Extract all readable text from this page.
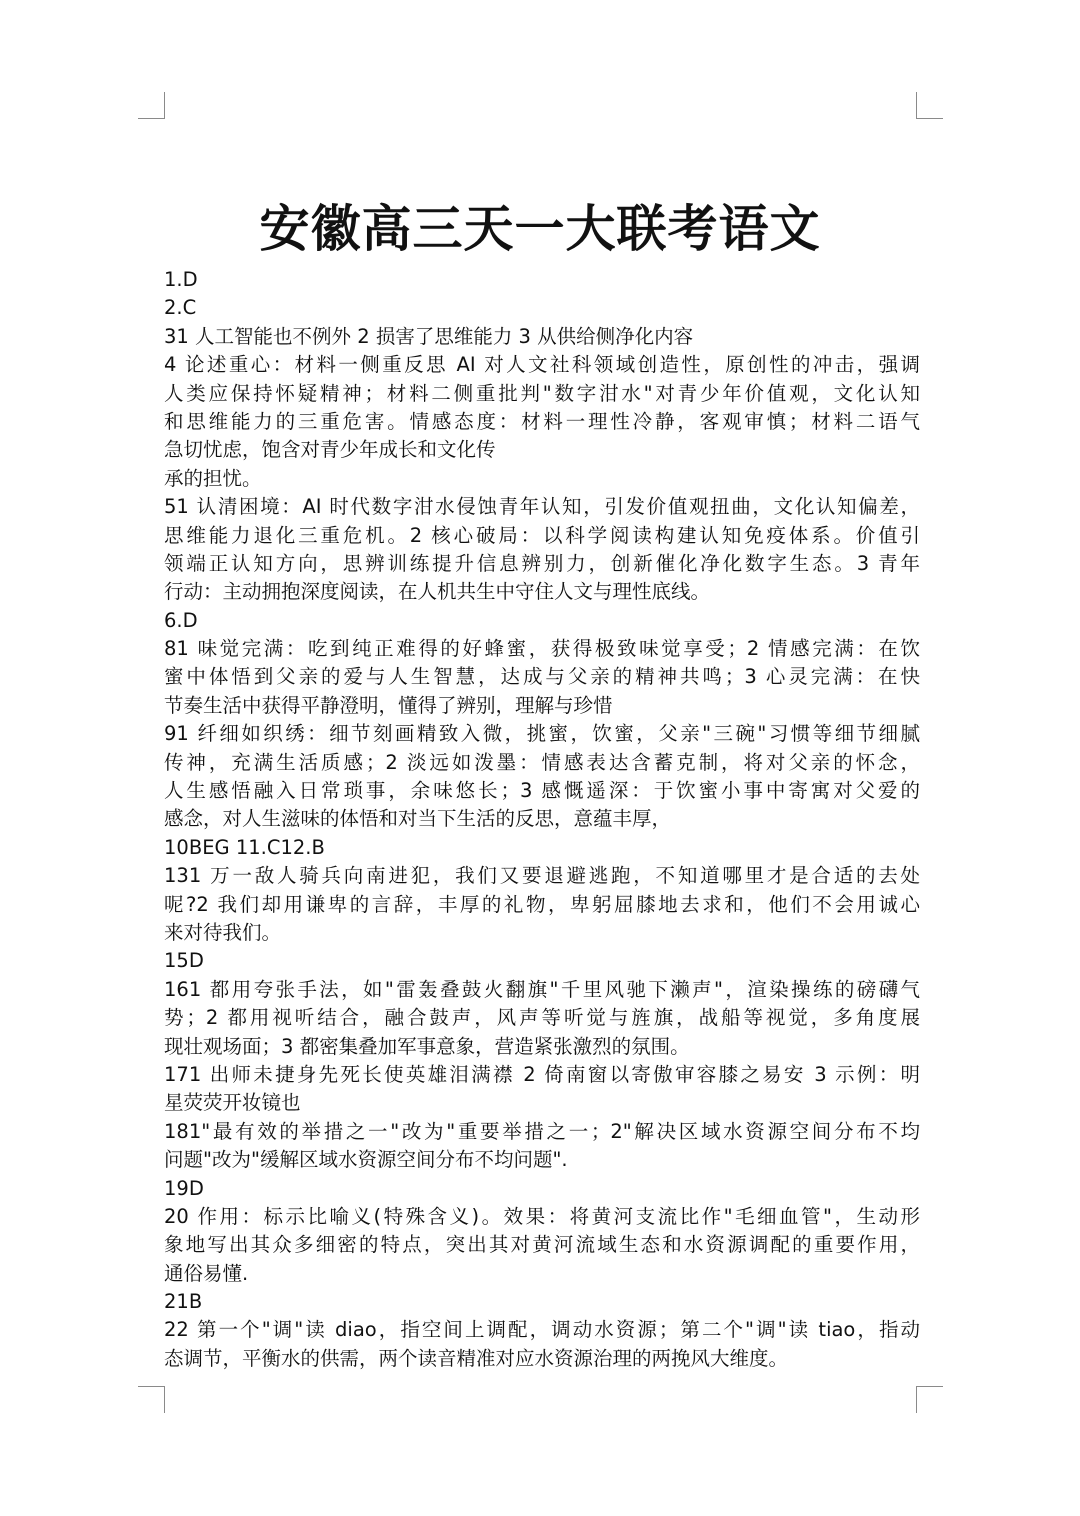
安徽高三天一大联考语文
1.D
2.C
31 人工智能也不例外 2 损害了思维能力 3 从供给侧净化内容
4 论述重心：材料一侧重反思 AI 对人文社科领域创造性，原创性的冲击，强调
人类应保持怀疑精神；材料二侧重批判"数字泔水"对青少年价值观，文化认知
和思维能力的三重危害。情感态度：材料一理性冷静，客观审慎；材料二语气
急切忧虑，饱含对青少年成长和文化传
承的担忧。
51 认清困境：AI 时代数字泔水侵蚀青年认知，引发价值观扭曲，文化认知偏差，
思维能力退化三重危机。2 核心破局：以科学阅读构建认知免疫体系。价值引
领端正认知方向，思辨训练提升信息辨别力，创新催化净化数字生态。3 青年
行动：主动拥抱深度阅读，在人机共生中守住人文与理性底线。
6.D
81 味觉完满：吃到纯正难得的好蜂蜜，获得极致味觉享受；2 情感完满：在饮
蜜中体悟到父亲的爱与人生智慧，达成与父亲的精神共鸣；3 心灵完满：在快
节奏生活中获得平静澄明，懂得了辨别，理解与珍惜
91 纤细如织绣：细节刻画精致入微，挑蜜，饮蜜，父亲"三碗"习惯等细节细腻
传神，充满生活质感；2 淡远如泼墨：情感表达含蓄克制，将对父亲的怀念，
人生感悟融入日常琐事，余味悠长；3 感慨遥深：于饮蜜小事中寄寓对父爱的
感念，对人生滋味的体悟和对当下生活的反思，意蕴丰厚，
10BEG 11.C12.B
131 万一敌人骑兵向南进犯，我们又要退避逃跑，不知道哪里才是合适的去处
呢?2 我们却用谦卑的言辞，丰厚的礼物，卑躬屈膝地去求和，他们不会用诚心
来对待我们。
15D
161 都用夸张手法，如"雷轰叠鼓火翻旗"千里风驰下濑声"，渲染操练的磅礴气
势；2 都用视听结合，融合鼓声，风声等听觉与旌旗，战船等视觉，多角度展
现壮观场面；3 都密集叠加军事意象，营造紧张激烈的氛围。
171 出师未捷身先死长使英雄泪满襟 2 倚南窗以寄傲审容膝之易安 3 示例：明
星荧荧开妆镜也
181"最有效的举措之一"改为"重要举措之一；2"解决区域水资源空间分布不均
问题"改为"缓解区域水资源空间分布不均问题".
19D
20 作用：标示比喻义(特殊含义)。效果：将黄河支流比作"毛细血管"，生动形
象地写出其众多细密的特点，突出其对黄河流域生态和水资源调配的重要作用，
通俗易懂.
21B
22 第一个"调"读 diao，指空间上调配，调动水资源；第二个"调"读 tiao，指动
态调节，平衡水的供需，两个读音精准对应水资源治理的两挽风大维度。
